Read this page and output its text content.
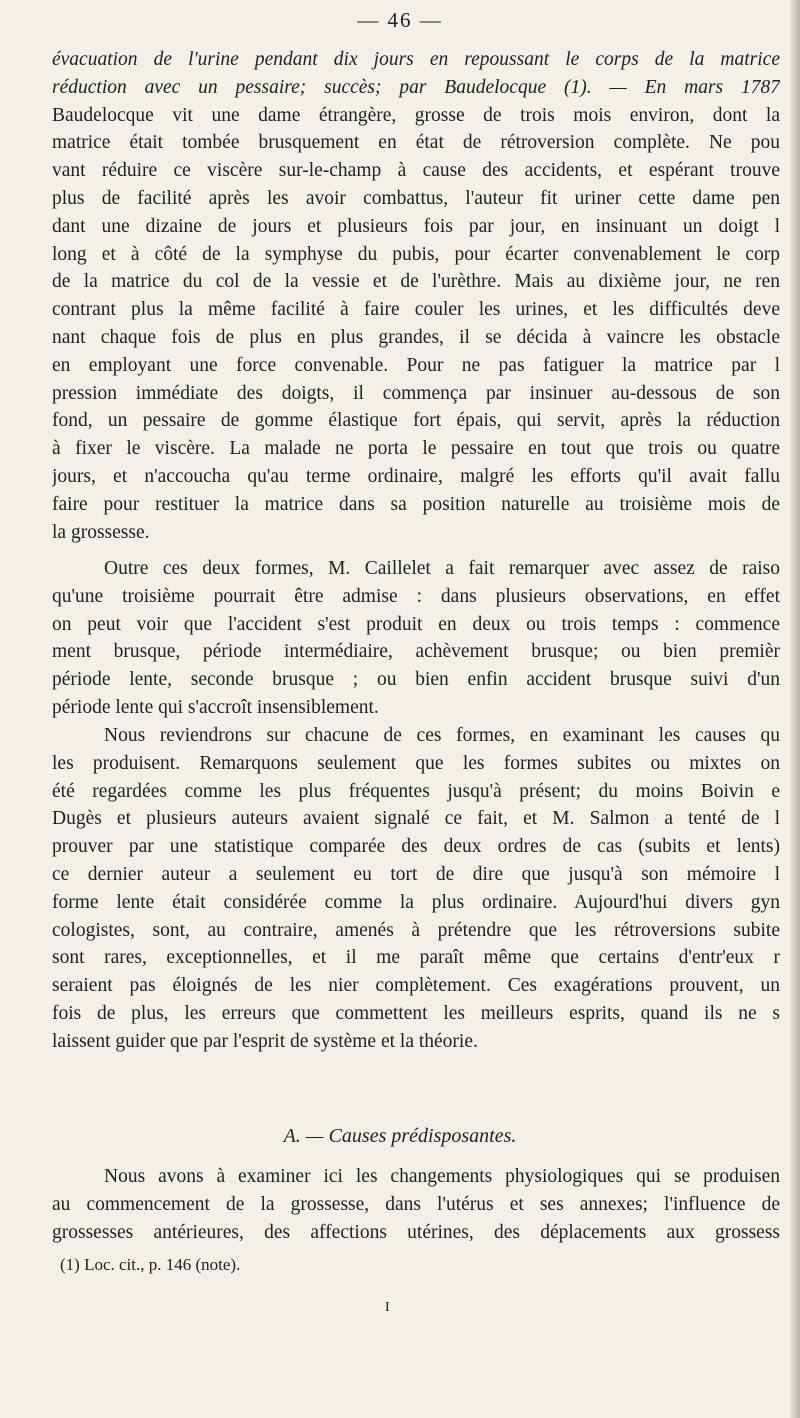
— 46 —
évacuation de l'urine pendant dix jours en repoussant le corps de la matrice
réduction avec un pessaire; succès; par Baudelocque (1). — En mars 1787
Baudelocque vit une dame étrangère, grosse de trois mois environ, dont la
matrice était tombée brusquement en état de rétroversion complète. Ne pou
vant réduire ce viscère sur-le-champ à cause des accidents, et espérant trouve
plus de facilité après les avoir combattus, l'auteur fit uriner cette dame pen
dant une dizaine de jours et plusieurs fois par jour, en insinuant un doigt l
long et à côté de la symphyse du pubis, pour écarter convenablement le corp
de la matrice du col de la vessie et de l'urèthre. Mais au dixième jour, ne ren
contrant plus la même facilité à faire couler les urines, et les difficultés deve
nant chaque fois de plus en plus grandes, il se décida à vaincre les obstacle
en employant une force convenable. Pour ne pas fatiguer la matrice par l
pression immédiate des doigts, il commença par insinuer au-dessous de son
fond, un pessaire de gomme élastique fort épais, qui servit, après la réduction
à fixer le viscère. La malade ne porta le pessaire en tout que trois ou quatre
jours, et n'accoucha qu'au terme ordinaire, malgré les efforts qu'il avait fallu
faire pour restituer la matrice dans sa position naturelle au troisième mois de
la grossesse.
Outre ces deux formes, M. Caillelet a fait remarquer avec assez de raiso
qu'une troisième pourrait être admise : dans plusieurs observations, en effet
on peut voir que l'accident s'est produit en deux ou trois temps : commence
ment brusque, période intermédiaire, achèvement brusque; ou bien premièr
période lente, seconde brusque ; ou bien enfin accident brusque suivi d'un
période lente qui s'accroît insensiblement.
Nous reviendrons sur chacune de ces formes, en examinant les causes qu
les produisent. Remarquons seulement que les formes subites ou mixtes on
été regardées comme les plus fréquentes jusqu'à présent; du moins Boivin e
Dugès et plusieurs auteurs avaient signalé ce fait, et M. Salmon a tenté de l
prouver par une statistique comparée des deux ordres de cas (subits et lents)
ce dernier auteur a seulement eu tort de dire que jusqu'à son mémoire l
forme lente était considérée comme la plus ordinaire. Aujourd'hui divers gyn
cologistes, sont, au contraire, amenés à prétendre que les rétroversions subite
sont rares, exceptionnelles, et il me paraît même que certains d'entr'eux r
seraient pas éloignés de les nier complètement. Ces exagérations prouvent, un
fois de plus, les erreurs que commettent les meilleurs esprits, quand ils ne s
laissent guider que par l'esprit de système et la théorie.
A. — Causes prédisposantes.
Nous avons à examiner ici les changements physiologiques qui se produisen
au commencement de la grossesse, dans l'utérus et ses annexes; l'influence de
grossesses antérieures, des affections utérines, des déplacements aux grossess
(1) Loc. cit., p. 146 (note).
I
